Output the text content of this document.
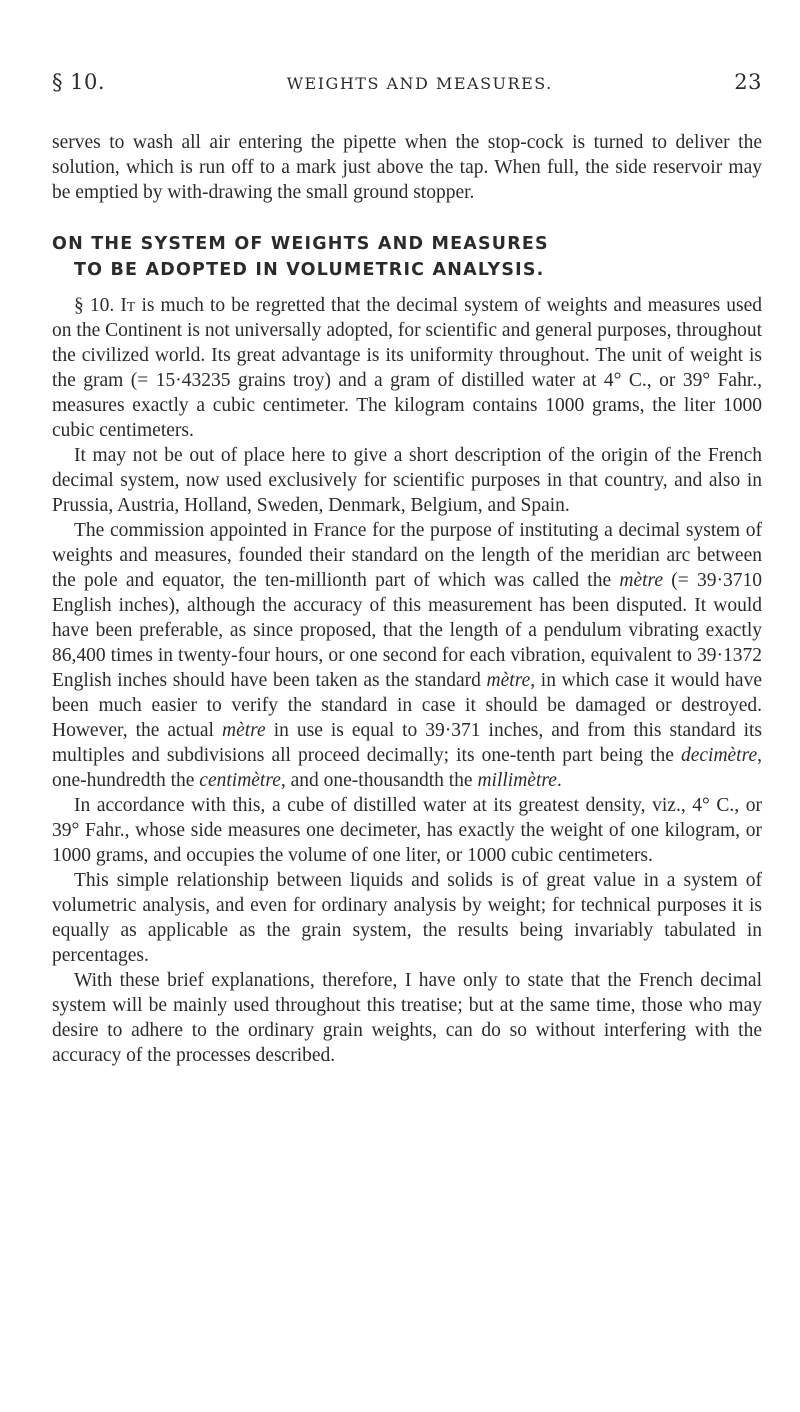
§ 10.	WEIGHTS AND MEASURES.	23

serves to wash all air entering the pipette when the stop-cock is turned to deliver the solution, which is run off to a mark just above the tap. When full, the side reservoir may be emptied by with-drawing the small ground stopper.

ON THE SYSTEM OF WEIGHTS AND MEASURES
TO BE ADOPTED IN VOLUMETRIC ANALYSIS.

§ 10. It is much to be regretted that the decimal system of weights and measures used on the Continent is not universally adopted, for scientific and general purposes, throughout the civilized world. Its great advantage is its uniformity throughout. The unit of weight is the gram (= 15·43235 grains troy) and a gram of distilled water at 4° C., or 39° Fahr., measures exactly a cubic centimeter. The kilogram contains 1000 grams, the liter 1000 cubic centimeters.

It may not be out of place here to give a short description of the origin of the French decimal system, now used exclusively for scientific purposes in that country, and also in Prussia, Austria, Holland, Sweden, Denmark, Belgium, and Spain.

The commission appointed in France for the purpose of instituting a decimal system of weights and measures, founded their standard on the length of the meridian arc between the pole and equator, the ten-millionth part of which was called the mètre (= 39·3710 English inches), although the accuracy of this measurement has been disputed. It would have been preferable, as since proposed, that the length of a pendulum vibrating exactly 86,400 times in twenty-four hours, or one second for each vibration, equivalent to 39·1372 English inches should have been taken as the standard mètre, in which case it would have been much easier to verify the standard in case it should be damaged or destroyed. However, the actual mètre in use is equal to 39·371 inches, and from this standard its multiples and subdivisions all proceed decimally; its one-tenth part being the decimètre, one-hundredth the centimètre, and one-thousandth the millimètre.

In accordance with this, a cube of distilled water at its greatest density, viz., 4° C., or 39° Fahr., whose side measures one decimeter, has exactly the weight of one kilogram, or 1000 grams, and occupies the volume of one liter, or 1000 cubic centimeters.

This simple relationship between liquids and solids is of great value in a system of volumetric analysis, and even for ordinary analysis by weight; for technical purposes it is equally as applicable as the grain system, the results being invariably tabulated in percentages.

With these brief explanations, therefore, I have only to state that the French decimal system will be mainly used throughout this treatise; but at the same time, those who may desire to adhere to the ordinary grain weights, can do so without interfering with the accuracy of the processes described.
